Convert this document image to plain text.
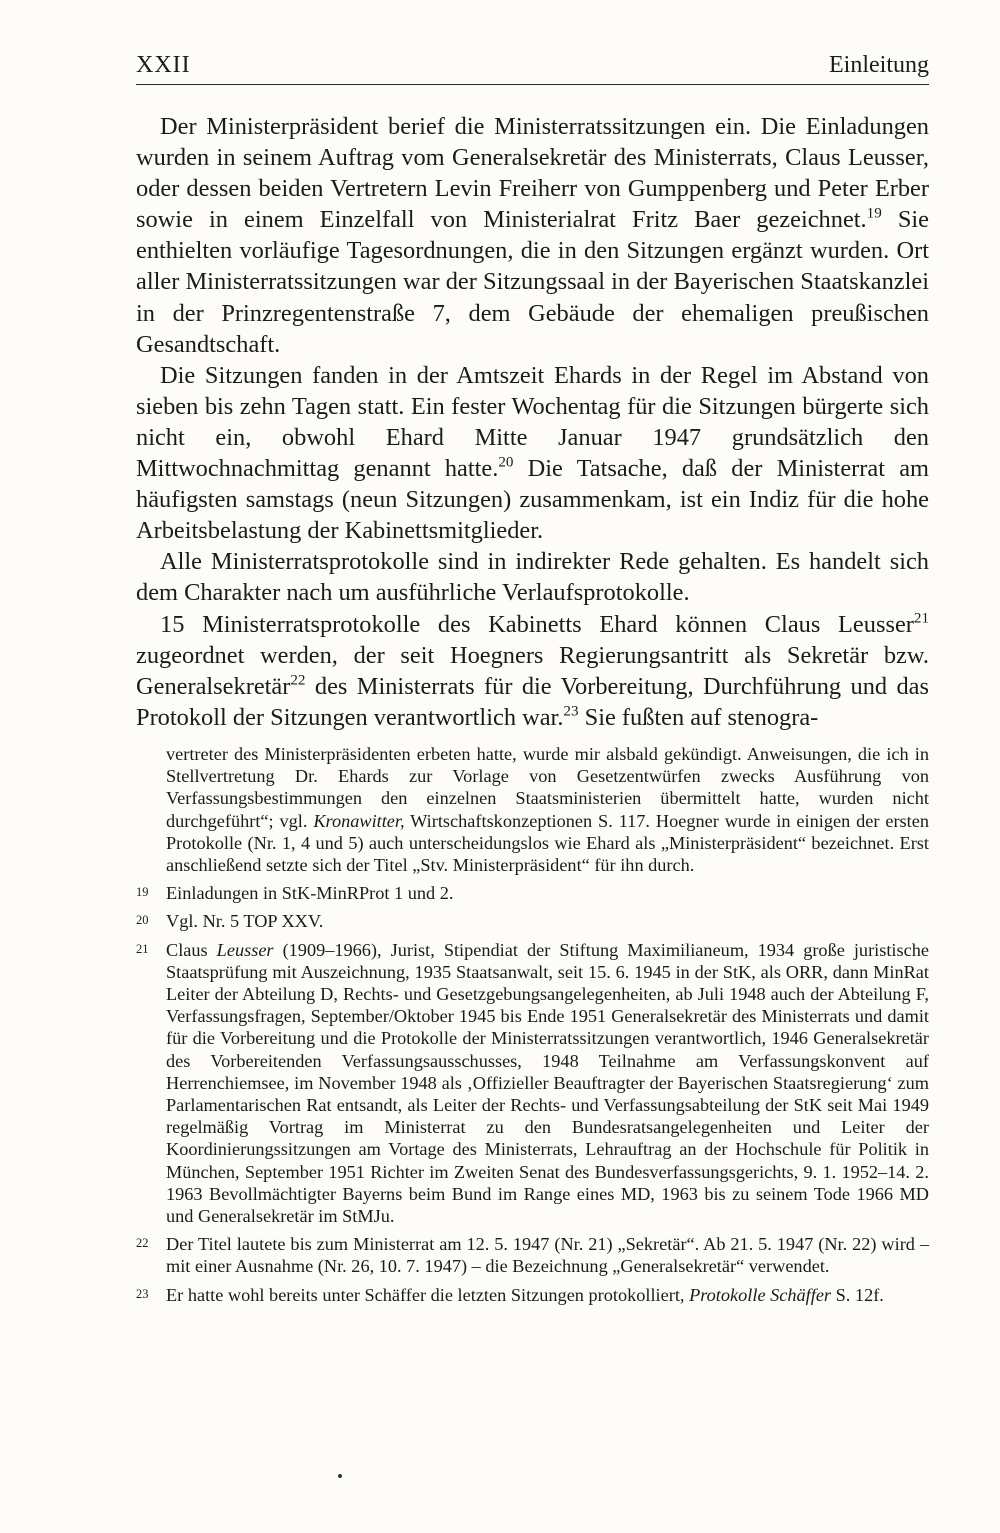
XXII	Einleitung

Der Ministerpräsident berief die Ministerratssitzungen ein. Die Einladungen wurden in seinem Auftrag vom Generalsekretär des Ministerrats, Claus Leusser, oder dessen beiden Vertretern Levin Freiherr von Gumppenberg und Peter Erber sowie in einem Einzelfall von Ministerialrat Fritz Baer gezeichnet.$^{19}$ Sie enthielten vorläufige Tagesordnungen, die in den Sitzungen ergänzt wurden. Ort aller Ministerratssitzungen war der Sitzungssaal in der Bayerischen Staatskanzlei in der Prinzregentenstraße 7, dem Gebäude der ehemaligen preußischen Gesandtschaft.

Die Sitzungen fanden in der Amtszeit Ehards in der Regel im Abstand von sieben bis zehn Tagen statt. Ein fester Wochentag für die Sitzungen bürgerte sich nicht ein, obwohl Ehard Mitte Januar 1947 grundsätzlich den Mittwochnachmittag genannt hatte.$^{20}$ Die Tatsache, daß der Ministerrat am häufigsten samstags (neun Sitzungen) zusammenkam, ist ein Indiz für die hohe Arbeitsbelastung der Kabinettsmitglieder.

Alle Ministerratsprotokolle sind in indirekter Rede gehalten. Es handelt sich dem Charakter nach um ausführliche Verlaufsprotokolle.

15 Ministerratsprotokolle des Kabinetts Ehard können Claus Leusser$^{21}$ zugeordnet werden, der seit Hoegners Regierungsantritt als Sekretär bzw. Generalsekretär$^{22}$ des Ministerrats für die Vorbereitung, Durchführung und das Protokoll der Sitzungen verantwortlich war.$^{23}$ Sie fußten auf stenogra-

vertreter des Ministerpräsidenten erbeten hatte, wurde mir alsbald gekündigt. Anweisungen, die ich in Stellvertretung Dr. Ehards zur Vorlage von Gesetzentwürfen zwecks Ausführung von Verfassungsbestimmungen den einzelnen Staatsministerien übermittelt hatte, wurden nicht durchgeführt“; vgl. Kronawitter, Wirtschaftskonzeptionen S. 117. Hoegner wurde in einigen der ersten Protokolle (Nr. 1, 4 und 5) auch unterscheidungslos wie Ehard als „Ministerpräsident“ bezeichnet. Erst anschließend setzte sich der Titel „Stv. Ministerpräsident“ für ihn durch.

19 Einladungen in StK-MinRProt 1 und 2.

20 Vgl. Nr. 5 TOP XXV.

21 Claus Leusser (1909–1966), Jurist, Stipendiat der Stiftung Maximilianeum, 1934 große juristische Staatsprüfung mit Auszeichnung, 1935 Staatsanwalt, seit 15. 6. 1945 in der StK, als ORR, dann MinRat Leiter der Abteilung D, Rechts- und Gesetzgebungsangelegenheiten, ab Juli 1948 auch der Abteilung F, Verfassungsfragen, September/Oktober 1945 bis Ende 1951 Generalsekretär des Ministerrats und damit für die Vorbereitung und die Protokolle der Ministerratssitzungen verantwortlich, 1946 Generalsekretär des Vorbereitenden Verfassungsausschusses, 1948 Teilnahme am Verfassungskonvent auf Herrenchiemsee, im November 1948 als ‚Offizieller Beauftragter der Bayerischen Staatsregierung‘ zum Parlamentarischen Rat entsandt, als Leiter der Rechts- und Verfassungsabteilung der StK seit Mai 1949 regelmäßig Vortrag im Ministerrat zu den Bundesratsangelegenheiten und Leiter der Koordinierungssitzungen am Vortage des Ministerrats, Lehrauftrag an der Hochschule für Politik in München, September 1951 Richter im Zweiten Senat des Bundesverfassungsgerichts, 9. 1. 1952–14. 2. 1963 Bevollmächtigter Bayerns beim Bund im Range eines MD, 1963 bis zu seinem Tode 1966 MD und Generalsekretär im StMJu.

22 Der Titel lautete bis zum Ministerrat am 12. 5. 1947 (Nr. 21) „Sekretär“. Ab 21. 5. 1947 (Nr. 22) wird – mit einer Ausnahme (Nr. 26, 10. 7. 1947) – die Bezeichnung „Generalsekretär“ verwendet.

23 Er hatte wohl bereits unter Schäffer die letzten Sitzungen protokolliert, Protokolle Schäffer S. 12f.
